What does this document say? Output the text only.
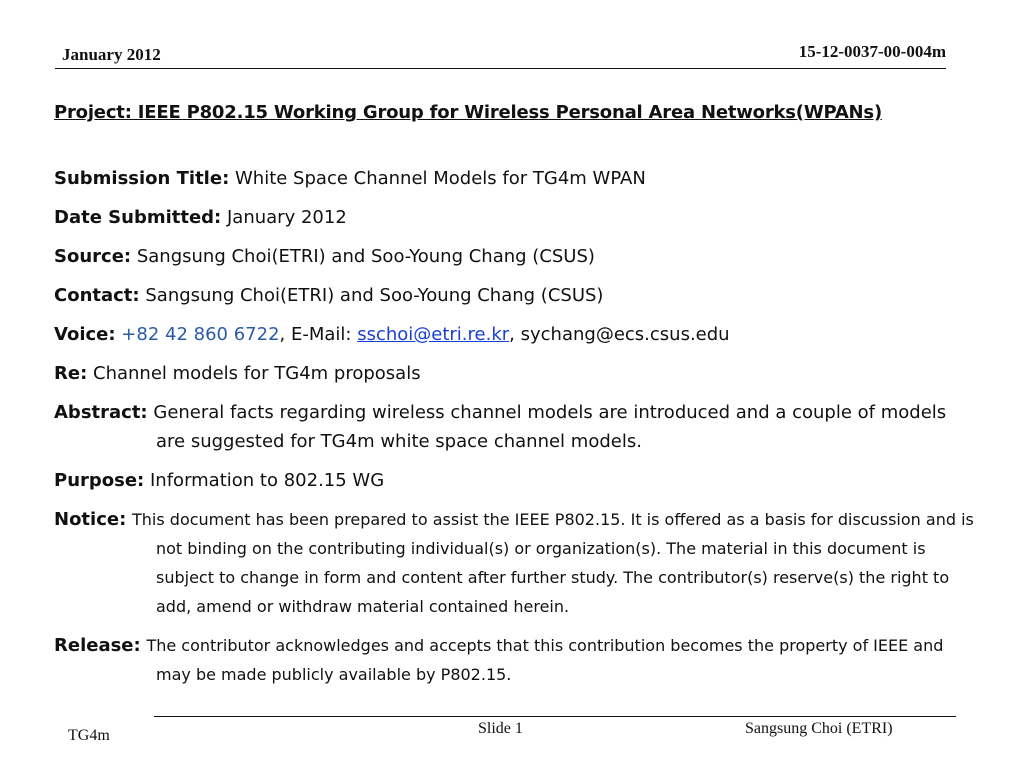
January 2012	15-12-0037-00-004m
Project: IEEE P802.15 Working Group for Wireless Personal Area Networks(WPANs)
Submission Title: White Space Channel Models for TG4m WPAN
Date Submitted: January 2012
Source: Sangsung Choi(ETRI) and Soo-Young Chang (CSUS)
Contact: Sangsung Choi(ETRI) and Soo-Young Chang (CSUS)
Voice: +82 42 860 6722, E-Mail: sschoi@etri.re.kr, sychang@ecs.csus.edu
Re: Channel models for TG4m proposals
Abstract: General facts regarding wireless channel models are introduced and a couple of models are suggested for TG4m white space channel models.
Purpose: Information to 802.15 WG
Notice: This document has been prepared to assist the IEEE P802.15. It is offered as a basis for discussion and is not binding on the contributing individual(s) or organization(s). The material in this document is subject to change in form and content after further study. The contributor(s) reserve(s) the right to add, amend or withdraw material contained herein.
Release: The contributor acknowledges and accepts that this contribution becomes the property of IEEE and may be made publicly available by P802.15.
TG4m	Slide 1	Sangsung Choi (ETRI)
